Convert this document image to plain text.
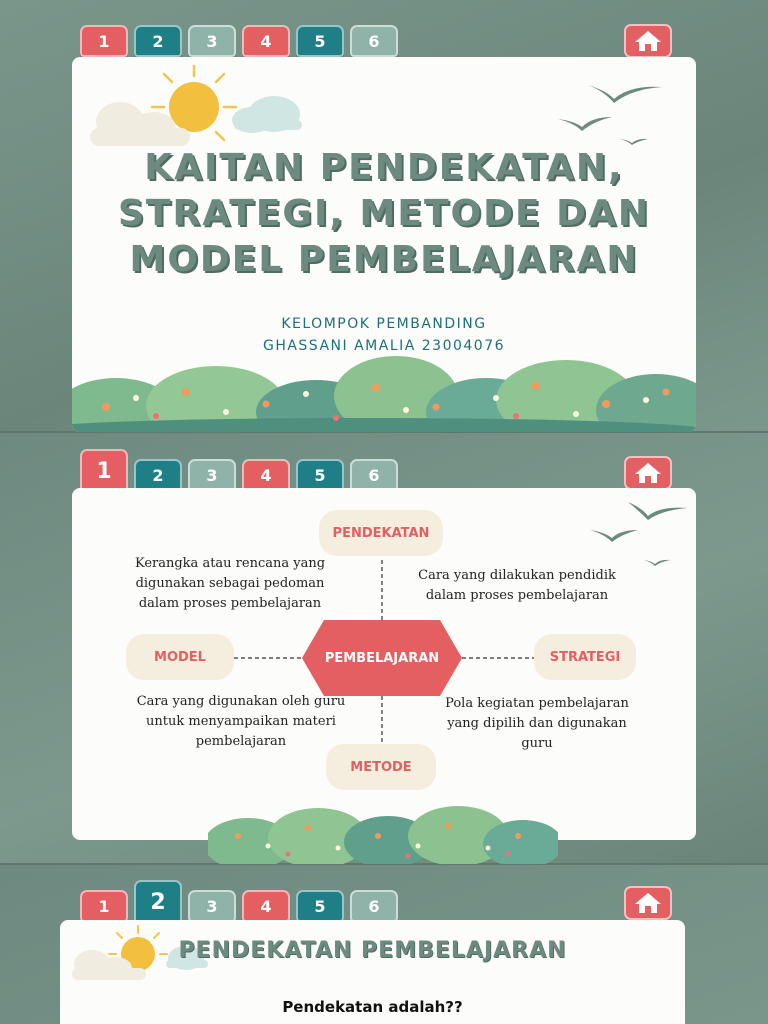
1	2	3	4	5	6
KAITAN PENDEKATAN,
STRATEGI, METODE DAN
MODEL PEMBELAJARAN
KELOMPOK PEMBANDING
GHASSANI AMALIA 23004076
1	2	3	4	5	6
PENDEKATAN
MODEL	STRATEGI
METODE
PEMBELAJARAN
Kerangka atau rencana yang digunakan sebagai pedoman dalam proses pembelajaran
Cara yang dilakukan pendidik dalam proses pembelajaran
Cara yang digunakan oleh guru untuk menyampaikan materi pembelajaran
Pola kegiatan pembelajaran yang dipilih dan digunakan guru
1	2	3	4	5	6
PENDEKATAN PEMBELAJARAN
Pendekatan adalah??
